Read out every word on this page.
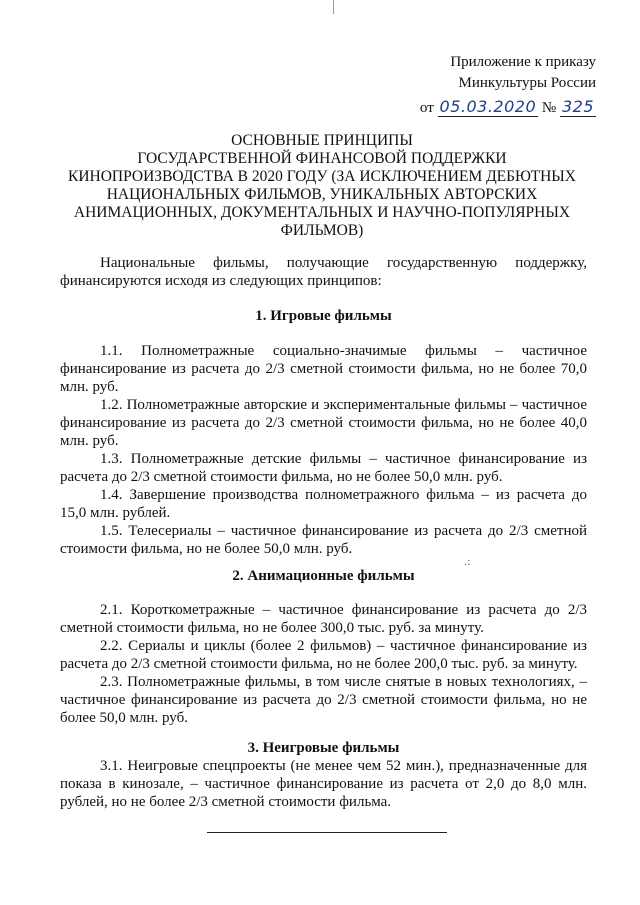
Приложение к приказу
Минкультуры России
от 05.03.2020 № 325
ОСНОВНЫЕ ПРИНЦИПЫ
ГОСУДАРСТВЕННОЙ ФИНАНСОВОЙ ПОДДЕРЖКИ
КИНОПРОИЗВОДСТВА В 2020 ГОДУ (ЗА ИСКЛЮЧЕНИЕМ ДЕБЮТНЫХ
НАЦИОНАЛЬНЫХ ФИЛЬМОВ, УНИКАЛЬНЫХ АВТОРСКИХ
АНИМАЦИОННЫХ, ДОКУМЕНТАЛЬНЫХ И НАУЧНО-ПОПУЛЯРНЫХ
ФИЛЬМОВ)

Национальные фильмы, получающие государственную поддержку, финансируются исходя из следующих принципов:

1. Игровые фильмы

1.1. Полнометражные социально-значимые фильмы – частичное финансирование из расчета до 2/3 сметной стоимости фильма, но не более 70,0 млн. руб.

1.2. Полнометражные авторские и экспериментальные фильмы – частичное финансирование из расчета до 2/3 сметной стоимости фильма, но не более 40,0 млн. руб.

1.3. Полнометражные детские фильмы – частичное финансирование из расчета до 2/3 сметной стоимости фильма, но не более 50,0 млн. руб.

1.4. Завершение производства полнометражного фильма – из расчета до 15,0 млн. рублей.

1.5. Телесериалы – частичное финансирование из расчета до 2/3 сметной стоимости фильма, но не более 50,0 млн. руб.

.:
2. Анимационные фильмы

2.1. Короткометражные – частичное финансирование из расчета до 2/3 сметной стоимости фильма, но не более 300,0 тыс. руб. за минуту.

2.2. Сериалы и циклы (более 2 фильмов) – частичное финансирование из расчета до 2/3 сметной стоимости фильма, но не более 200,0 тыс. руб. за минуту.

2.3. Полнометражные фильмы, в том числе снятые в новых технологиях, – частичное финансирование из расчета до 2/3 сметной стоимости фильма, но не более 50,0 млн. руб.

3. Неигровые фильмы

3.1. Неигровые спецпроекты (не менее чем 52 мин.), предназначенные для показа в кинозале, – частичное финансирование из расчета от 2,0 до 8,0 млн. рублей, но не более 2/3 сметной стоимости фильма.
